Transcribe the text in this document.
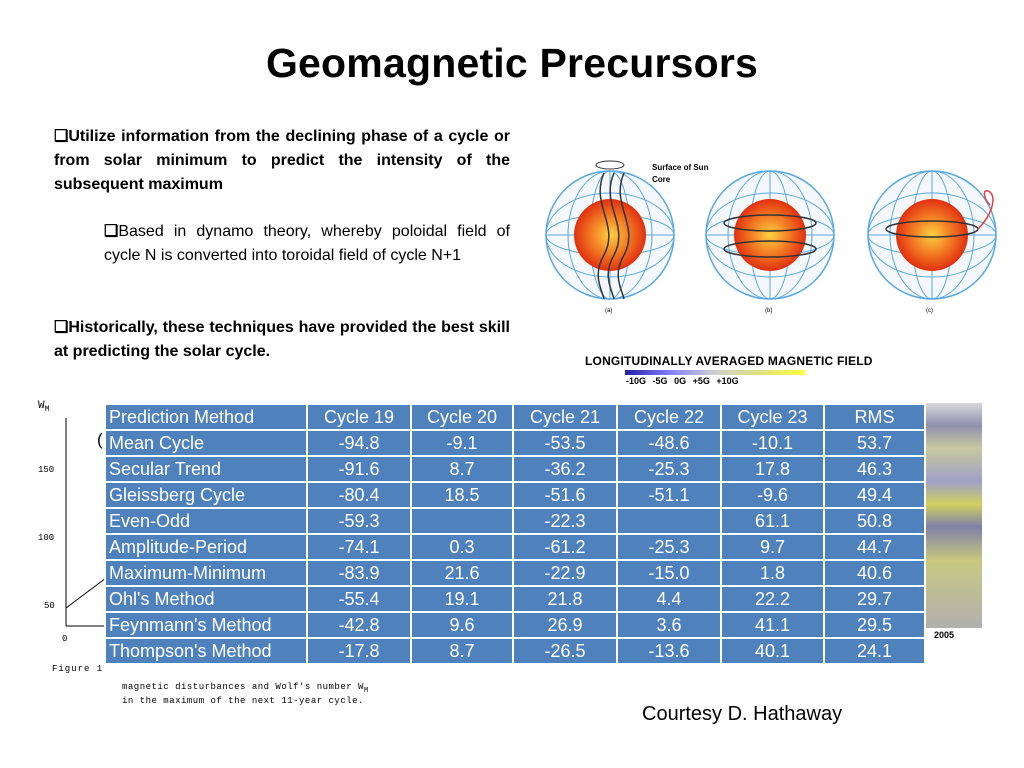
Geomagnetic Precursors
❑Utilize information from the declining phase of a cycle or from solar minimum to predict the intensity of the subsequent maximum
❑Based in dynamo theory, whereby poloidal field of cycle N is converted into toroidal field of cycle N+1
❑Historically, these techniques have provided the best skill at predicting the solar cycle.
(a)	(b)	(c)
Surface of Sun
Core
LONGITUDINALLY AVERAGED MAGNETIC FIELD
-10G -5G 0G +5G +10G
$W_M$
150
100
50
0
(
Figure 1
magnetic disturbances and Wolf's number $W_M$
in the maximum of the next 11-year cycle.
2005
Prediction Method	Cycle 19	Cycle 20	Cycle 21	Cycle 22	Cycle 23	RMS
Mean Cycle	-94.8	-9.1	-53.5	-48.6	-10.1	53.7
Secular Trend	-91.6	8.7	-36.2	-25.3	17.8	46.3
Gleissberg Cycle	-80.4	18.5	-51.6	-51.1	-9.6	49.4
Even-Odd	-59.3		-22.3		61.1	50.8
Amplitude-Period	-74.1	0.3	-61.2	-25.3	9.7	44.7
Maximum-Minimum	-83.9	21.6	-22.9	-15.0	1.8	40.6
Ohl's Method	-55.4	19.1	21.8	4.4	22.2	29.7
Feynmann's Method	-42.8	9.6	26.9	3.6	41.1	29.5
Thompson's Method	-17.8	8.7	-26.5	-13.6	40.1	24.1
Courtesy D. Hathaway
